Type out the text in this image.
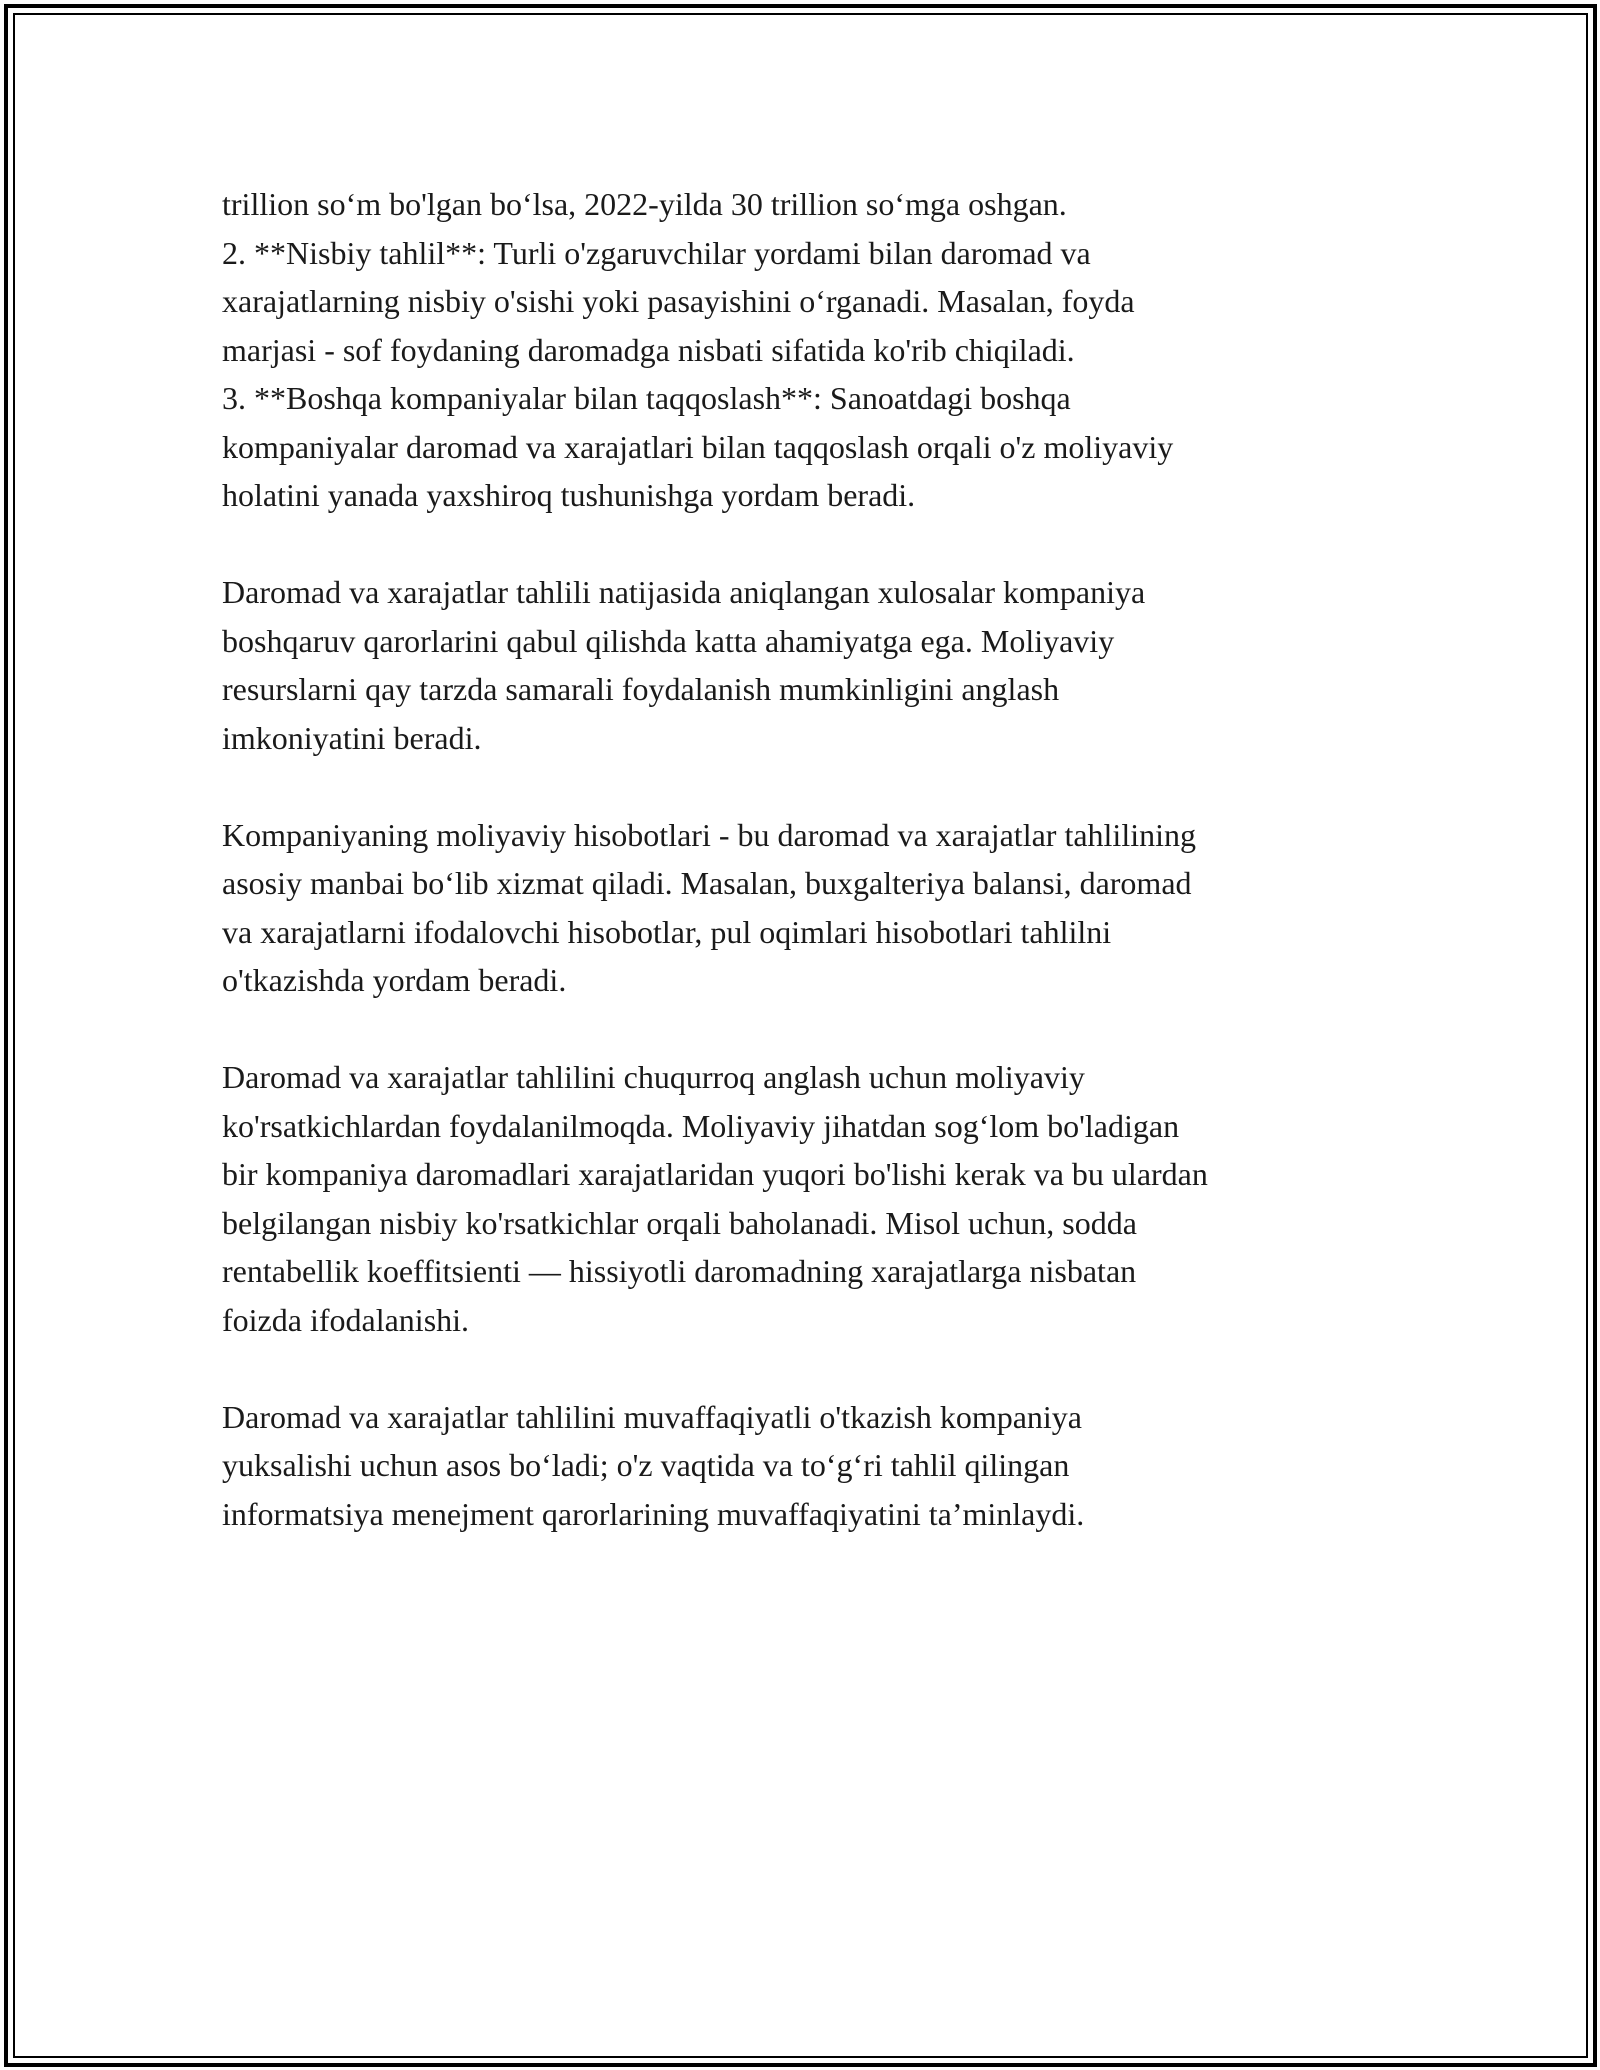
trillion so‘m bo'lgan bo‘lsa, 2022-yilda 30 trillion so‘mga oshgan.
2. **Nisbiy tahlil**: Turli o'zgaruvchilar yordami bilan daromad va
xarajatlarning nisbiy o'sishi yoki pasayishini o‘rganadi. Masalan, foyda
marjasi - sof foydaning daromadga nisbati sifatida ko'rib chiqiladi.
3. **Boshqa kompaniyalar bilan taqqoslash**: Sanoatdagi boshqa
kompaniyalar daromad va xarajatlari bilan taqqoslash orqali o'z moliyaviy
holatini yanada yaxshiroq tushunishga yordam beradi.

Daromad va xarajatlar tahlili natijasida aniqlangan xulosalar kompaniya
boshqaruv qarorlarini qabul qilishda katta ahamiyatga ega. Moliyaviy
resurslarni qay tarzda samarali foydalanish mumkinligini anglash
imkoniyatini beradi.

Kompaniyaning moliyaviy hisobotlari - bu daromad va xarajatlar tahlilining
asosiy manbai bo‘lib xizmat qiladi. Masalan, buxgalteriya balansi, daromad
va xarajatlarni ifodalovchi hisobotlar, pul oqimlari hisobotlari tahlilni
o'tkazishda yordam beradi.

Daromad va xarajatlar tahlilini chuqurroq anglash uchun moliyaviy
ko'rsatkichlardan foydalanilmoqda. Moliyaviy jihatdan sog‘lom bo'ladigan
bir kompaniya daromadlari xarajatlaridan yuqori bo'lishi kerak va bu ulardan
belgilangan nisbiy ko'rsatkichlar orqali baholanadi. Misol uchun, sodda
rentabellik koeffitsienti — hissiyotli daromadning xarajatlarga nisbatan
foizda ifodalanishi.

Daromad va xarajatlar tahlilini muvaffaqiyatli o'tkazish kompaniya
yuksalishi uchun asos bo‘ladi; o'z vaqtida va to‘g‘ri tahlil qilingan
informatsiya menejment qarorlarining muvaffaqiyatini ta’minlaydi.
